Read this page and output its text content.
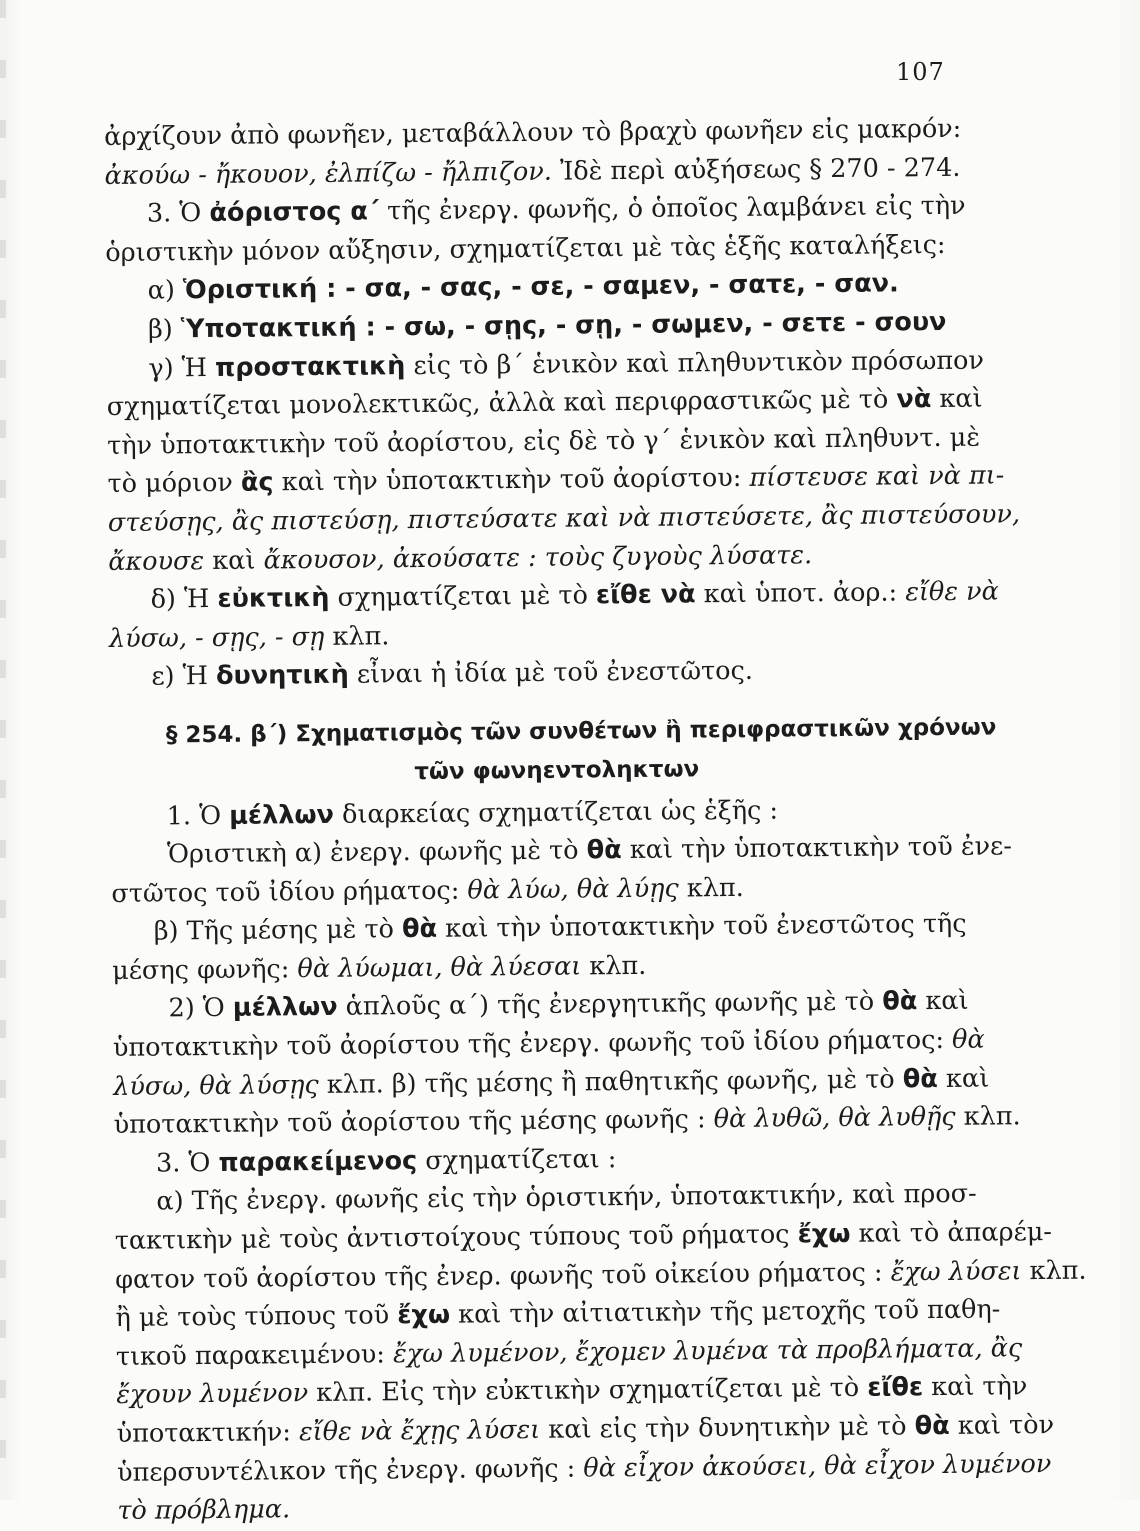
107
ἀρχίζουν ἀπὸ φωνῆεν, μεταβάλλουν τὸ βραχὺ φωνῆεν εἰς μακρόν:
ἀκούω - ἤκουον, ἐλπίζω - ἤλπιζον. Ἰδὲ περὶ αὐξήσεως § 270 - 274.
3. Ὁ ἀόριστος α΄ τῆς ἐνεργ. φωνῆς, ὁ ὁποῖος λαμβάνει εἰς τὴν
ὁριστικὴν μόνον αὔξησιν, σχηματίζεται μὲ τὰς ἑξῆς καταλήξεις:
α) Ὁριστική : - σα, - σας, - σε, - σαμεν, - σατε, - σαν.
β) Ὑποτακτική : - σω, - σῃς, - σῃ, - σωμεν, - σετε - σουν
γ) Ἡ προστακτικὴ εἰς τὸ β΄ ἑνικὸν καὶ πληθυντικὸν πρόσωπον
σχηματίζεται μονολεκτικῶς, ἀλλὰ καὶ περιφραστικῶς μὲ τὸ νὰ καὶ
τὴν ὑποτακτικὴν τοῦ ἀορίστου, εἰς δὲ τὸ γ΄ ἑνικὸν καὶ πληθυντ. μὲ
τὸ μόριον ἂς καὶ τὴν ὑποτακτικὴν τοῦ ἀορίστου: πίστευσε καὶ νὰ πι-
στεύσῃς, ἂς πιστεύσῃ, πιστεύσατε καὶ νὰ πιστεύσετε, ἂς πιστεύσουν,
ἄκουσε καὶ ἄκουσον, ἀκούσατε : τοὺς ζυγοὺς λύσατε.
δ) Ἡ εὐκτικὴ σχηματίζεται μὲ τὸ εἴθε νὰ καὶ ὑποτ. ἀορ.: εἴθε νὰ
λύσω, - σῃς, - σῃ κλπ.
ε) Ἡ δυνητικὴ εἶναι ἡ ἰδία μὲ τοῦ ἐνεστῶτος.
§ 254. β΄) Σχηματισμὸς τῶν συνθέτων ἢ περιφραστικῶν χρόνων
τῶν φωνηεντοληκτων
1. Ὁ μέλλων διαρκείας σχηματίζεται ὡς ἑξῆς :
Ὁριστικὴ α) ἐνεργ. φωνῆς μὲ τὸ θὰ καὶ τὴν ὑποτακτικὴν τοῦ ἐνε-
στῶτος τοῦ ἰδίου ρήματος: θὰ λύω, θὰ λύῃς κλπ.
β) Τῆς μέσης μὲ τὸ θὰ καὶ τὴν ὑποτακτικὴν τοῦ ἐνεστῶτος τῆς
μέσης φωνῆς: θὰ λύωμαι, θὰ λύεσαι κλπ.
2) Ὁ μέλλων ἁπλοῦς α΄) τῆς ἐνεργητικῆς φωνῆς μὲ τὸ θὰ καὶ
ὑποτακτικὴν τοῦ ἀορίστου τῆς ἐνεργ. φωνῆς τοῦ ἰδίου ρήματος: θὰ
λύσω, θὰ λύσῃς κλπ. β) τῆς μέσης ἢ παθητικῆς φωνῆς, μὲ τὸ θὰ καὶ
ὑποτακτικὴν τοῦ ἀορίστου τῆς μέσης φωνῆς : θὰ λυθῶ, θὰ λυθῇς κλπ.
3. Ὁ παρακείμενος σχηματίζεται :
α) Τῆς ἐνεργ. φωνῆς εἰς τὴν ὁριστικήν, ὑποτακτικήν, καὶ προσ-
τακτικὴν μὲ τοὺς ἀντιστοίχους τύπους τοῦ ρήματος ἔχω καὶ τὸ ἀπαρέμ-
φατον τοῦ ἀορίστου τῆς ἐνερ. φωνῆς τοῦ οἰκείου ρήματος : ἔχω λύσει κλπ.
ἢ μὲ τοὺς τύπους τοῦ ἔχω καὶ τὴν αἰτιατικὴν τῆς μετοχῆς τοῦ παθη-
τικοῦ παρακειμένου: ἔχω λυμένον, ἔχομεν λυμένα τὰ προβλήματα, ἂς
ἔχουν λυμένον κλπ. Εἰς τὴν εὐκτικὴν σχηματίζεται μὲ τὸ εἴθε καὶ τὴν
ὑποτακτικήν: εἴθε νὰ ἔχῃς λύσει καὶ εἰς τὴν δυνητικὴν μὲ τὸ θὰ καὶ τὸν
ὑπερσυντέλικον τῆς ἐνεργ. φωνῆς : θὰ εἶχον ἀκούσει, θὰ εἶχον λυμένον
τὸ πρόβλημα.
